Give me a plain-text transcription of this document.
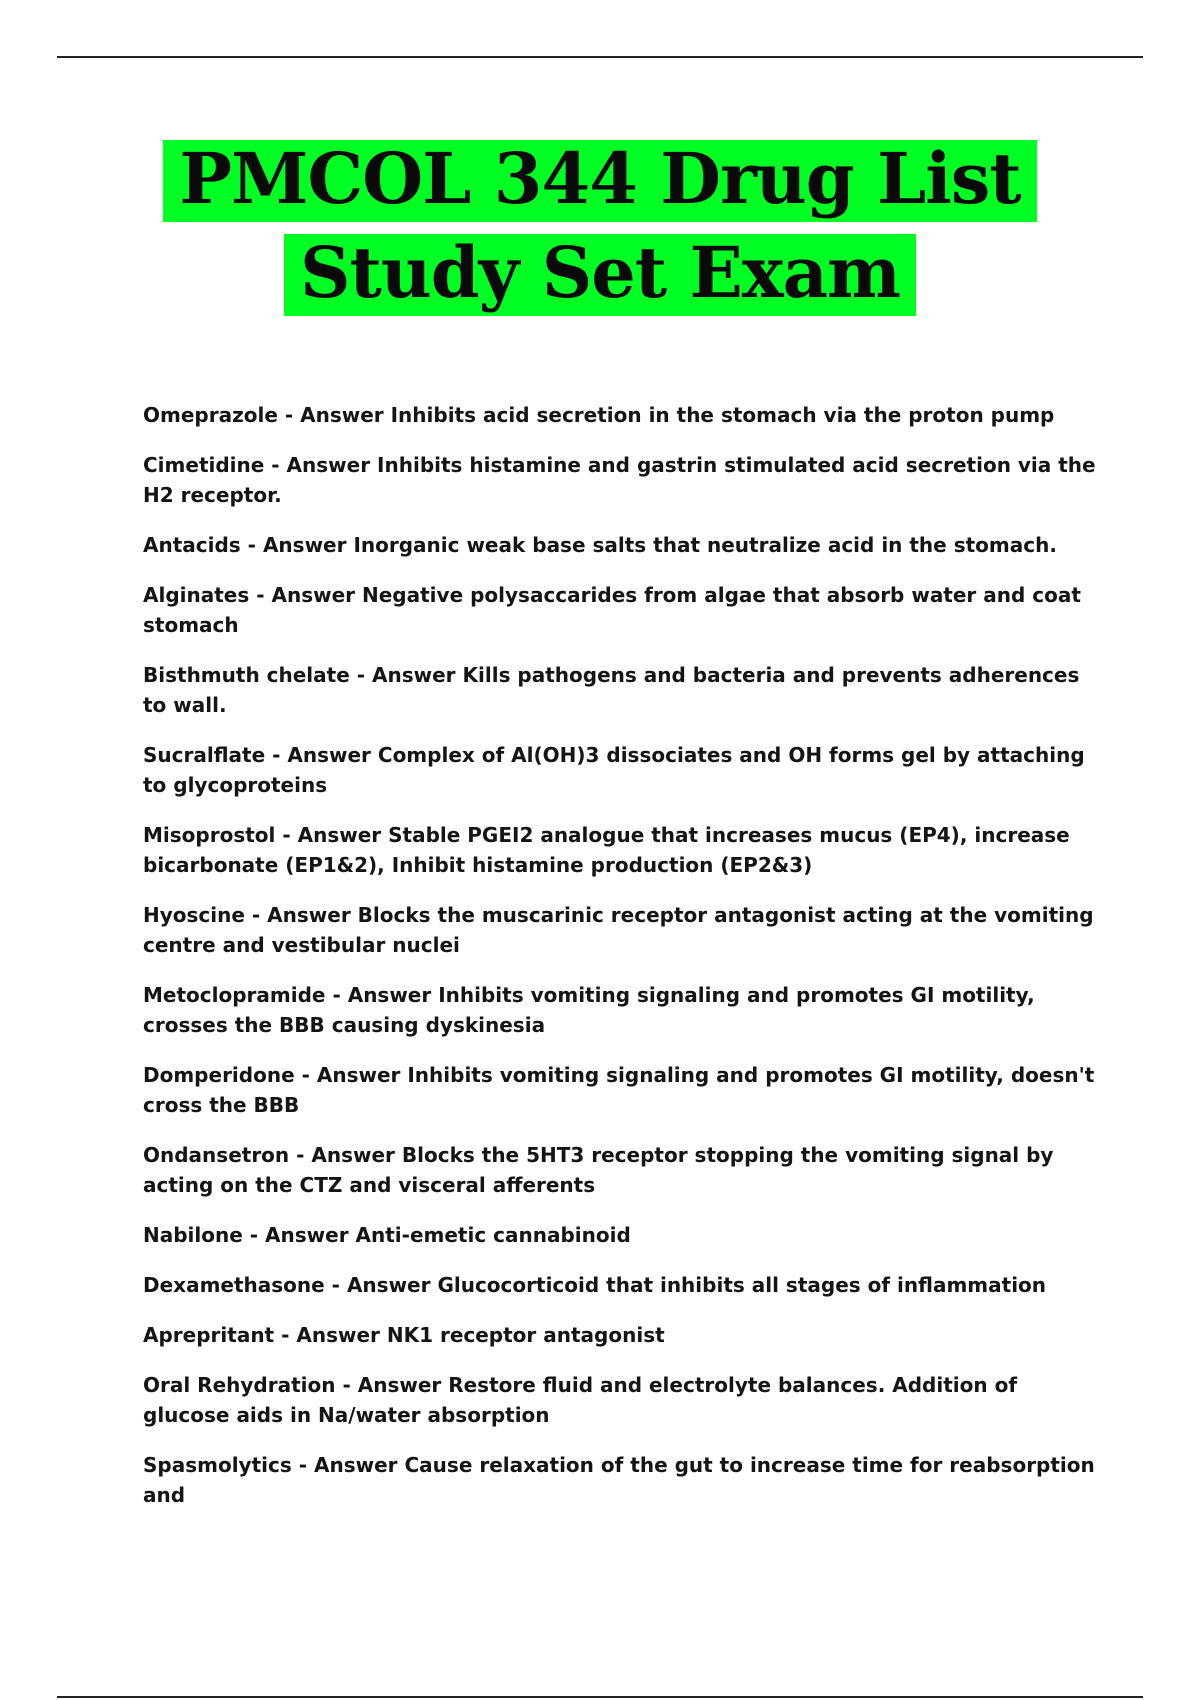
PMCOL 344 Drug List
Study Set Exam
Omeprazole - Answer Inhibits acid secretion in the stomach via the proton pump
Cimetidine - Answer Inhibits histamine and gastrin stimulated acid secretion via the H2 receptor.
Antacids - Answer Inorganic weak base salts that neutralize acid in the stomach.
Alginates - Answer Negative polysaccarides from algae that absorb water and coat stomach
Bisthmuth chelate - Answer Kills pathogens and bacteria and prevents adherences to wall.
Sucralflate - Answer Complex of Al(OH)3 dissociates and OH forms gel by attaching to glycoproteins
Misoprostol - Answer Stable PGEI2 analogue that increases mucus (EP4), increase bicarbonate (EP1&2), Inhibit histamine production (EP2&3)
Hyoscine - Answer Blocks the muscarinic receptor antagonist acting at the vomiting centre and vestibular nuclei
Metoclopramide - Answer Inhibits vomiting signaling and promotes GI motility, crosses the BBB causing dyskinesia
Domperidone - Answer Inhibits vomiting signaling and promotes GI motility, doesn't cross the BBB
Ondansetron - Answer Blocks the 5HT3 receptor stopping the vomiting signal by acting on the CTZ and visceral afferents
Nabilone - Answer Anti-emetic cannabinoid
Dexamethasone - Answer Glucocorticoid that inhibits all stages of inflammation
Aprepritant - Answer NK1 receptor antagonist
Oral Rehydration - Answer Restore fluid and electrolyte balances. Addition of glucose aids in Na/water absorption
Spasmolytics - Answer Cause relaxation of the gut to increase time for reabsorption and
